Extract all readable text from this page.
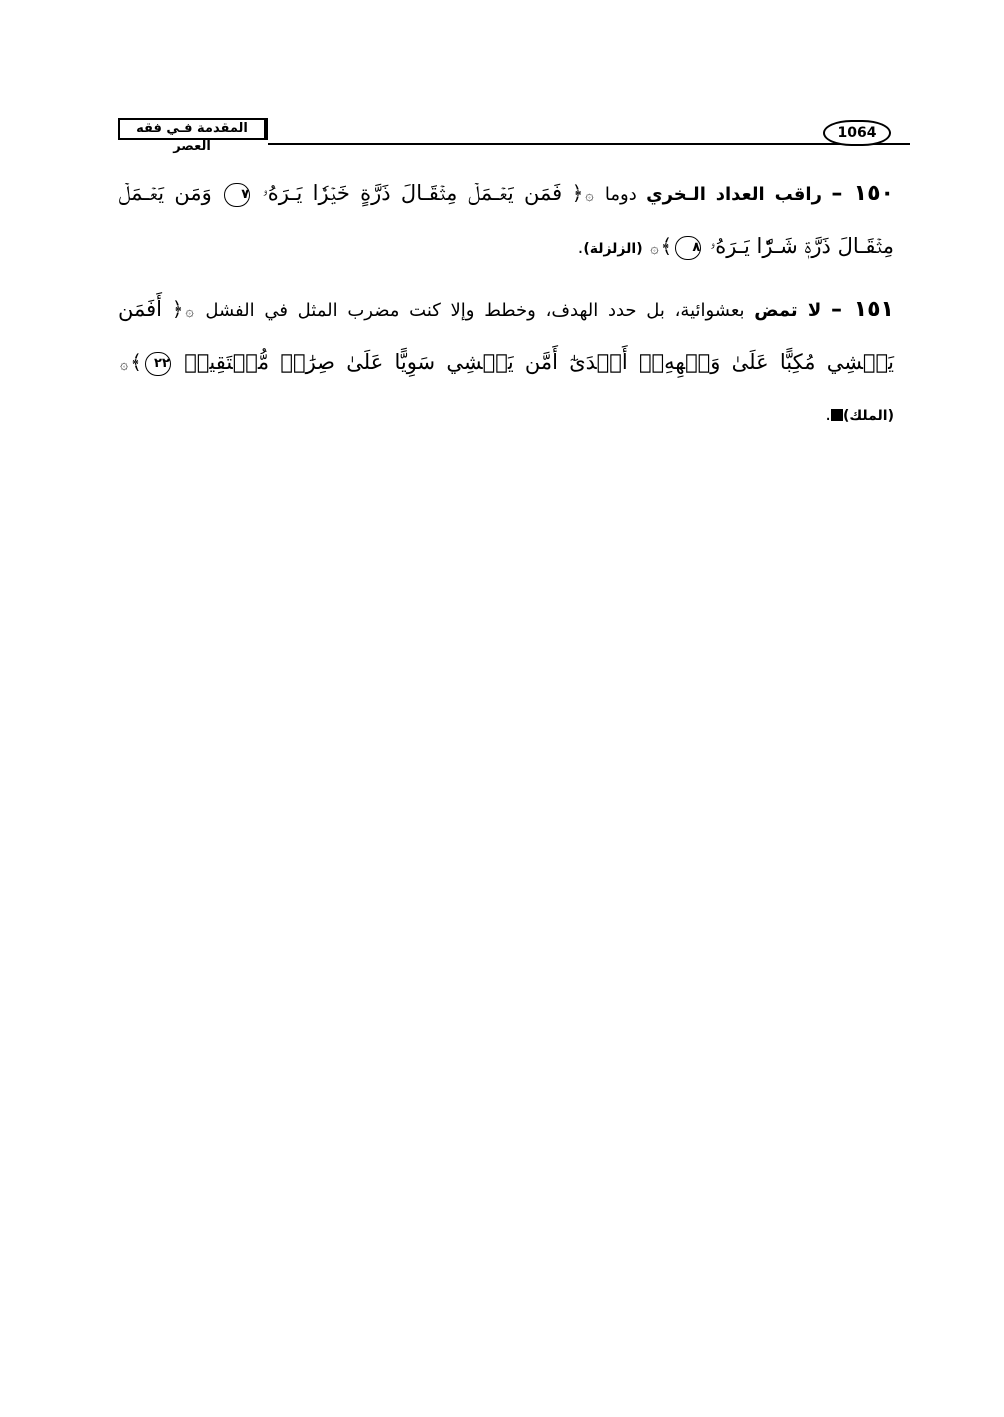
المقدمة فـي فقه العصر
1064

١٥٠ – راقب العداد الـخري دوما ۞﴿ فَمَن يَعۡـمَلۡ مِثۡقَـالَ ذَرَّةٍ خَيۡرٗا يَـرَهُۥ ٧ وَمَن يَعۡـمَلۡ مِثۡقَـالَ ذَرَّةٖ شَـرّٗا يَـرَهُۥ ٨﴾۞ (الزلزلة).

١٥١ – لا تمض بعشوائية، بل حدد الهدف، وخطط وإلا كنت مضرب المثل في الفشل ۞﴿ أَفَمَن يَمۡشِي مُكِبًّا عَلَىٰ وَجۡهِهِۦٓ أَهۡدَىٰٓ أَمَّن يَمۡشِي سَوِيًّا عَلَىٰ صِرَٰطٖ مُّسۡتَقِيمٖ ٢٢﴾۞ (الملك).
